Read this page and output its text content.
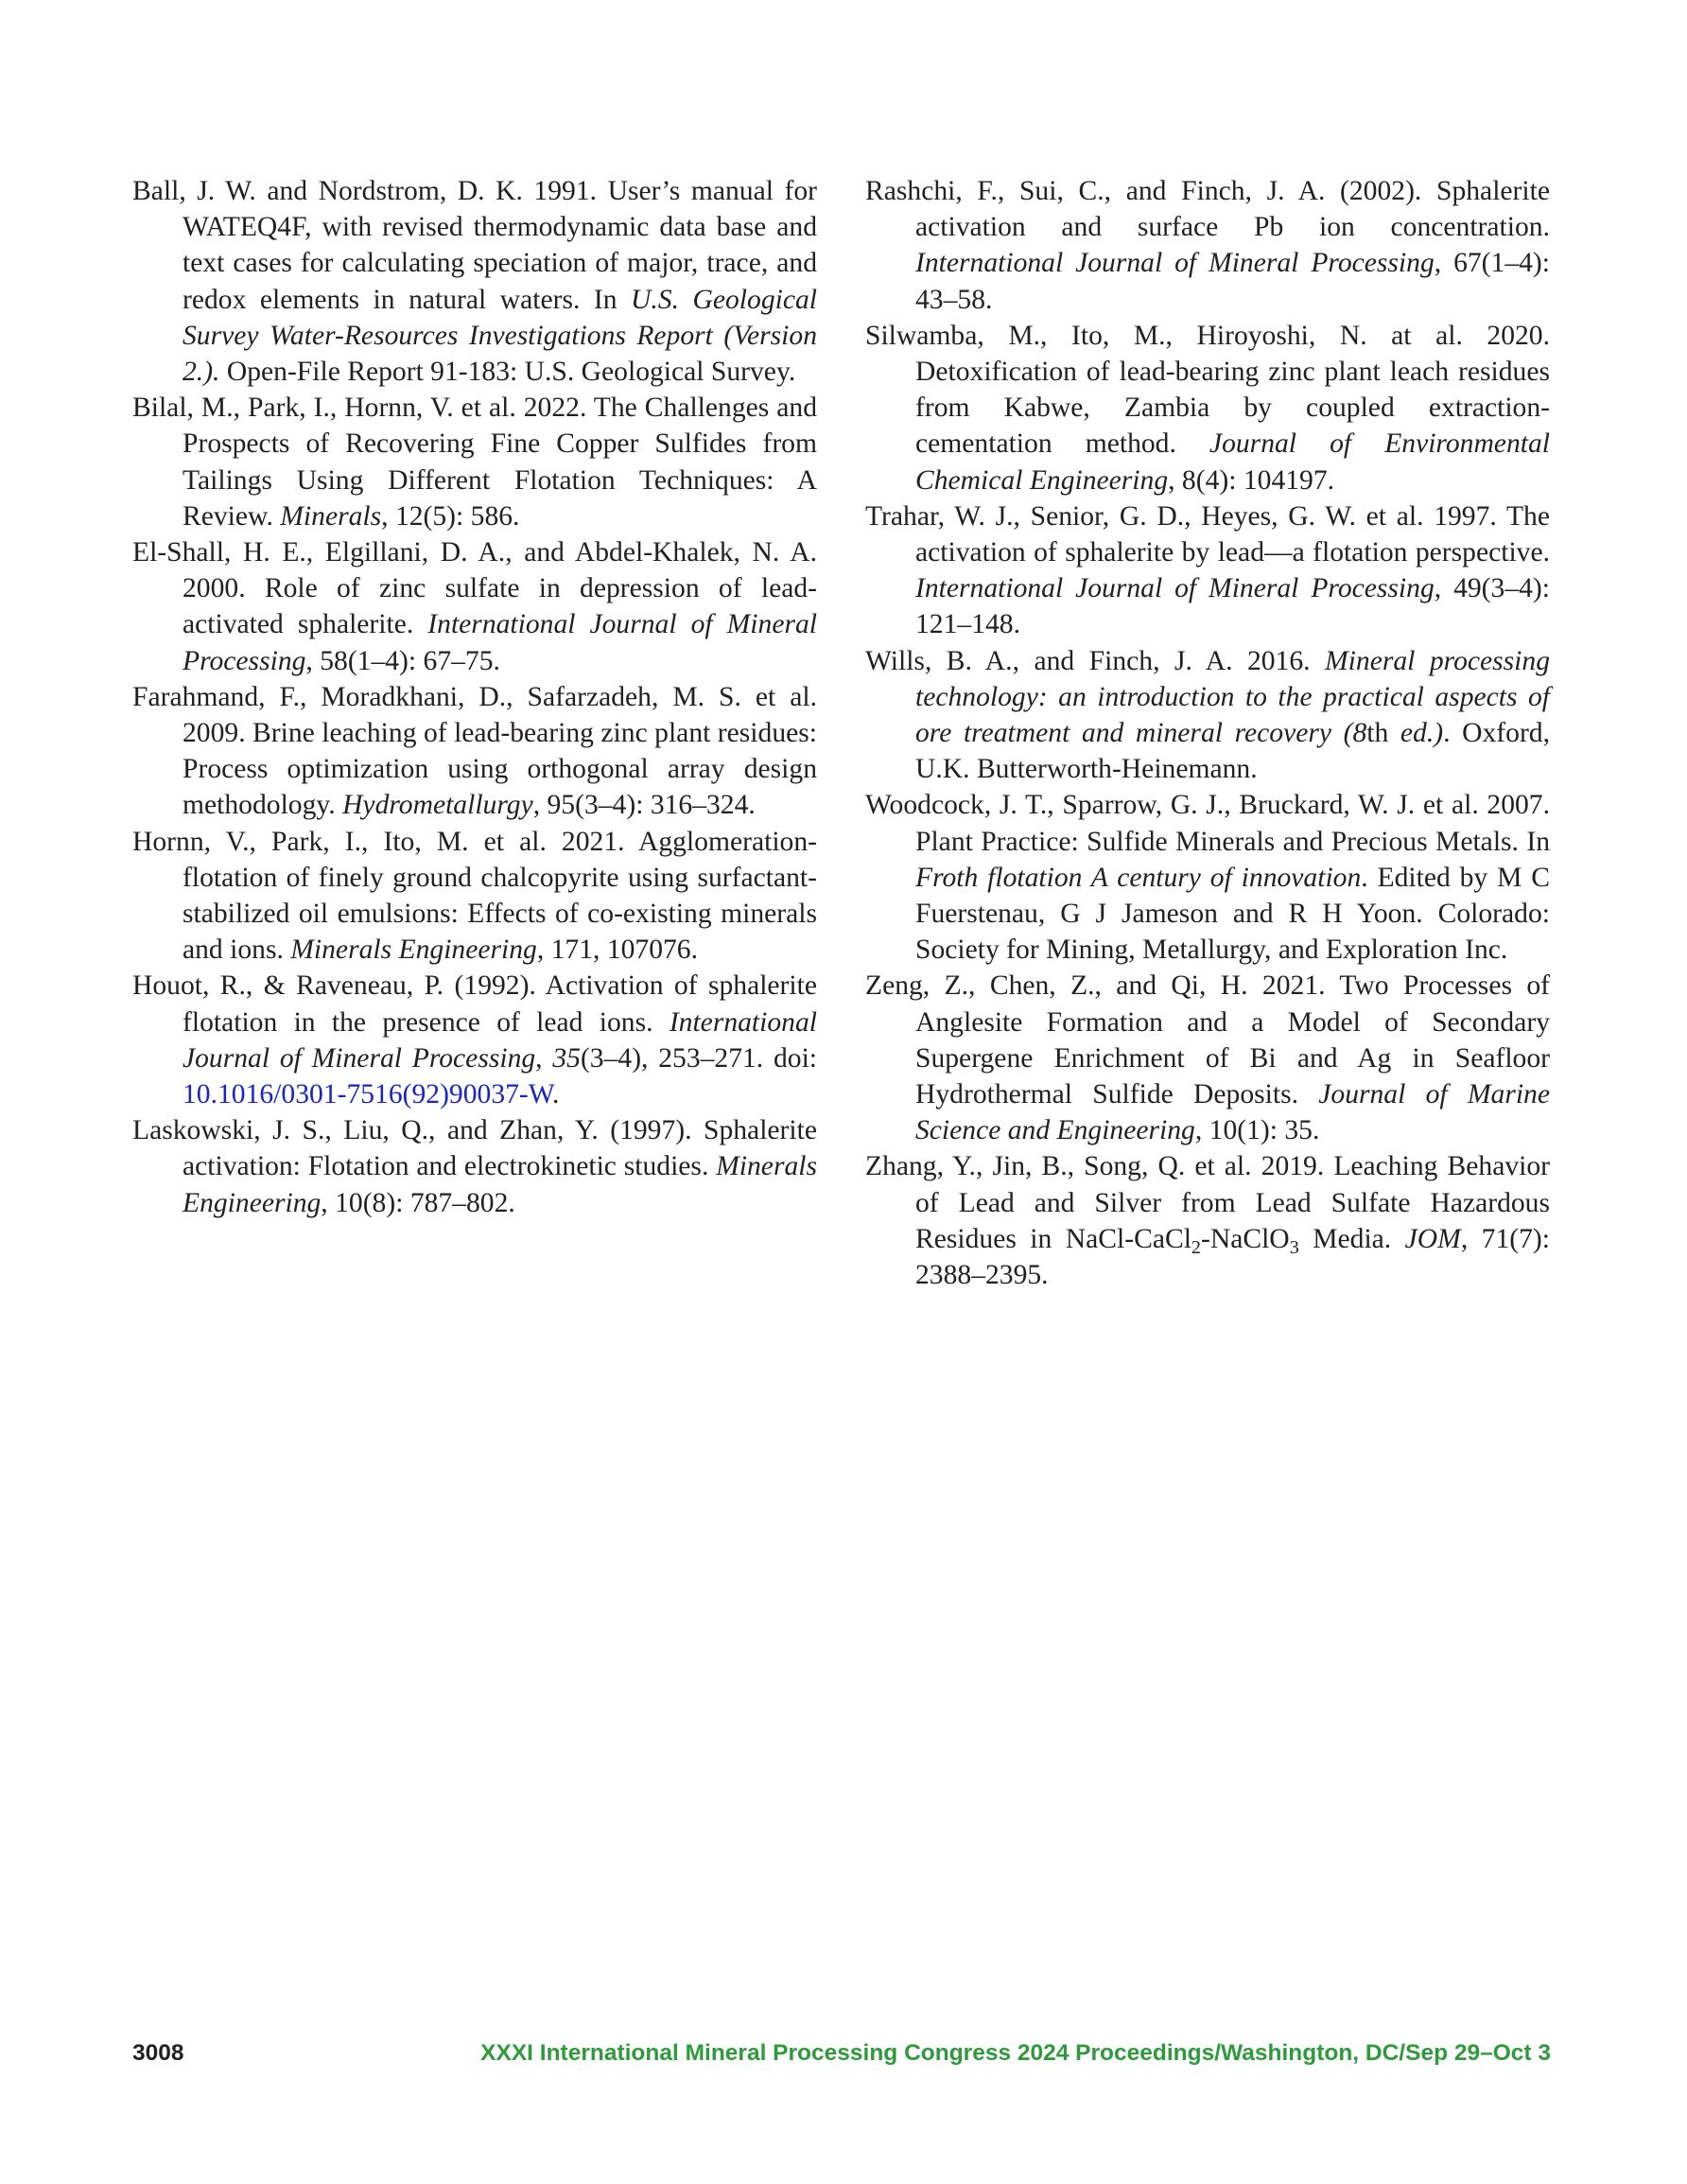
Ball, J. W. and Nordstrom, D. K. 1991. User’s manual for WATEQ4F, with revised thermodynamic data base and text cases for calculating speciation of major, trace, and redox elements in natural waters. In U.S. Geological Survey Water-Resources Investigations Report (Version 2.). Open-File Report 91-183: U.S. Geological Survey.

Bilal, M., Park, I., Hornn, V. et al. 2022. The Challenges and Prospects of Recovering Fine Copper Sulfides from Tailings Using Different Flotation Techniques: A Review. Minerals, 12(5): 586.

El-Shall, H. E., Elgillani, D. A., and Abdel-Khalek, N. A. 2000. Role of zinc sulfate in depression of lead-activated sphalerite. International Journal of Mineral Processing, 58(1–4): 67–75.

Farahmand, F., Moradkhani, D., Safarzadeh, M. S. et al. 2009. Brine leaching of lead-bearing zinc plant residues: Process optimization using orthogonal array design methodology. Hydrometallurgy, 95(3–4): 316–324.

Hornn, V., Park, I., Ito, M. et al. 2021. Agglomeration-flotation of finely ground chalcopyrite using surfactant-stabilized oil emulsions: Effects of co-existing minerals and ions. Minerals Engineering, 171, 107076.

Houot, R., & Raveneau, P. (1992). Activation of sphalerite flotation in the presence of lead ions. International Journal of Mineral Processing, 35(3–4), 253–271. doi: 10.1016/0301-7516(92)90037-W.

Laskowski, J. S., Liu, Q., and Zhan, Y. (1997). Sphalerite activation: Flotation and electrokinetic studies. Minerals Engineering, 10(8): 787–802.

Rashchi, F., Sui, C., and Finch, J. A. (2002). Sphalerite activation and surface Pb ion concentration. International Journal of Mineral Processing, 67(1–4): 43–58.

Silwamba, M., Ito, M., Hiroyoshi, N. at al. 2020. Detoxification of lead-bearing zinc plant leach residues from Kabwe, Zambia by coupled extraction-cementation method. Journal of Environmental Chemical Engineering, 8(4): 104197.

Trahar, W. J., Senior, G. D., Heyes, G. W. et al. 1997. The activation of sphalerite by lead—a flotation perspective. International Journal of Mineral Processing, 49(3–4): 121–148.

Wills, B. A., and Finch, J. A. 2016. Mineral processing technology: an introduction to the practical aspects of ore treatment and mineral recovery (8th ed.). Oxford, U.K. Butterworth-Heinemann.

Woodcock, J. T., Sparrow, G. J., Bruckard, W. J. et al. 2007. Plant Practice: Sulfide Minerals and Precious Metals. In Froth flotation A century of innovation. Edited by M C Fuerstenau, G J Jameson and R H Yoon. Colorado: Society for Mining, Metallurgy, and Exploration Inc.

Zeng, Z., Chen, Z., and Qi, H. 2021. Two Processes of Anglesite Formation and a Model of Secondary Supergene Enrichment of Bi and Ag in Seafloor Hydrothermal Sulfide Deposits. Journal of Marine Science and Engineering, 10(1): 35.

Zhang, Y., Jin, B., Song, Q. et al. 2019. Leaching Behavior of Lead and Silver from Lead Sulfate Hazardous Residues in NaCl-CaCl$_2$-NaClO$_3$ Media. JOM, 71(7): 2388–2395.

3008	XXXI International Mineral Processing Congress 2024 Proceedings/Washington, DC/Sep 29–Oct 3
